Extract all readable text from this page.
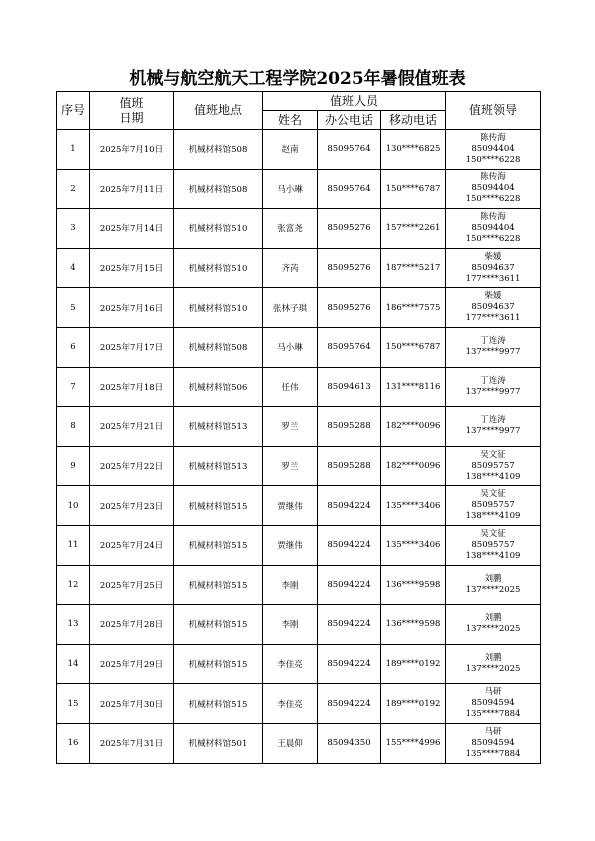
机械与航空航天工程学院2025年暑假值班表
序号	值班
日期	值班地点	值班人员			值班领导
			姓名	办公电话	移动电话	
1	2025年7月10日	机械材料馆508	赵南	85095764	130****6825	陈传海
85094404
150****6228

2	2025年7月11日	机械材料馆508	马小琳	85095764	150****6787	陈传海
85094404
150****6228

3	2025年7月14日	机械材料馆510	张富尧	85095276	157****2261	陈传海
85094404
150****6228

4	2025年7月15日	机械材料馆510	齐芮	85095276	187****5217	柴媛
85094637
177****3611

5	2025年7月16日	机械材料馆510	张林子琪	85095276	186****7575	柴媛
85094637
177****3611

6	2025年7月17日	机械材料馆508	马小琳	85095764	150****6787	丁连涛
137****9977

7	2025年7月18日	机械材料馆506	任伟	85094613	131****8116	丁连涛
137****9977

8	2025年7月21日	机械材料馆513	罗兰	85095288	182****0096	丁连涛
137****9977

9	2025年7月22日	机械材料馆513	罗兰	85095288	182****0096	吴文征
85095757
138****4109

10	2025年7月23日	机械材料馆515	贾继伟	85094224	135****3406	吴文征
85095757
138****4109

11	2025年7月24日	机械材料馆515	贾继伟	85094224	135****3406	吴文征
85095757
138****4109

12	2025年7月25日	机械材料馆515	李刚	85094224	136****9598	刘鹏
137****2025

13	2025年7月28日	机械材料馆515	李刚	85094224	136****9598	刘鹏
137****2025

14	2025年7月29日	机械材料馆515	李佳亮	85094224	189****0192	刘鹏
137****2025

15	2025年7月30日	机械材料馆515	李佳亮	85094224	189****0192	马研
85094594
135****7884

16	2025年7月31日	机械材料馆501	王晨仰	85094350	155****4996	马研
85094594
135****7884
